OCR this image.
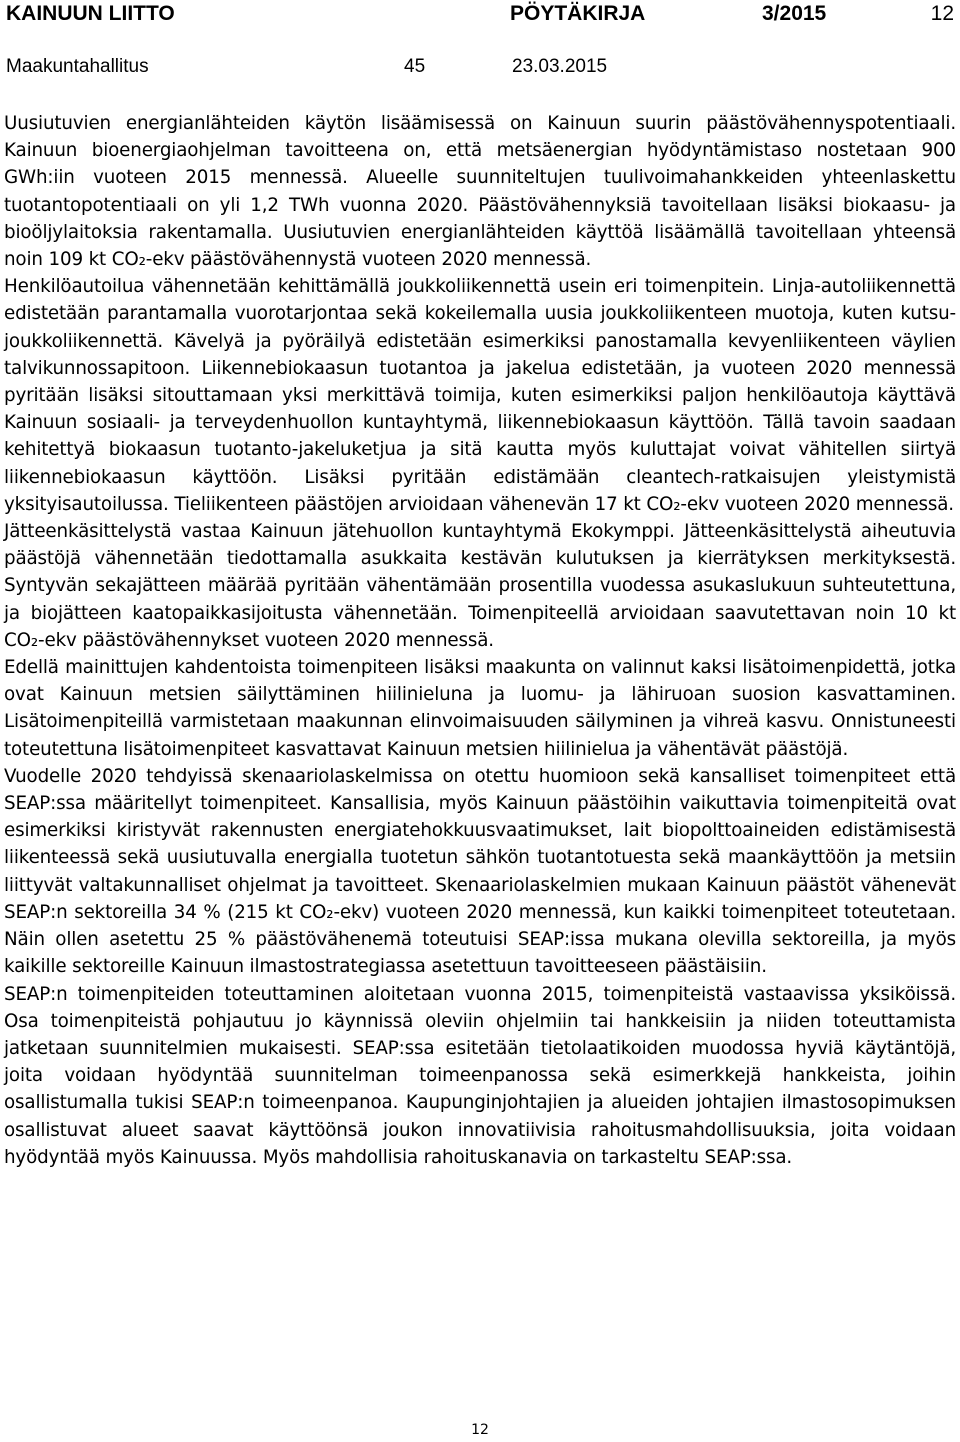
KAINUUN LIITTO	PÖYTÄKIRJA	3/2015	12
Maakuntahallitus	45	23.03.2015

Uusiutuvien energianlähteiden käytön lisäämisessä on Kainuun suurin päästövähennyspotentiaali. Kainuun bioenergiaohjelman tavoitteena on, että metsäenergian hyödyntämistaso nostetaan 900 GWh:iin vuoteen 2015 mennessä. Alueelle suunniteltujen tuulivoimahankkeiden yhteenlaskettu tuotantopotentiaali on yli 1,2 TWh vuonna 2020. Päästövähennyksiä tavoitellaan lisäksi biokaasu- ja bioöljylaitoksia rakentamalla. Uusiutuvien energianlähteiden käyttöä lisäämällä tavoitellaan yhteensä noin 109 kt CO₂-ekv päästövähennystä vuoteen 2020 mennessä.

Henkilöautoilua vähennetään kehittämällä joukkoliikennettä usein eri toimenpitein. Linja-autoliikennettä edistetään parantamalla vuorotarjontaa sekä kokeilemalla uusia joukkoliikenteen muotoja, kuten kutsu-joukkoliikennettä. Kävelyä ja pyöräilyä edistetään esimerkiksi panostamalla kevyenliikenteen väylien talvikunnossapitoon. Liikennebiokaasun tuotantoa ja jakelua edistetään, ja vuoteen 2020 mennessä pyritään lisäksi sitouttamaan yksi merkittävä toimija, kuten esimerkiksi paljon henkilöautoja käyttävä Kainuun sosiaali- ja terveydenhuollon kuntayhtymä, liikennebiokaasun käyttöön. Tällä tavoin saadaan kehitettyä biokaasun tuotanto-jakeluketjua ja sitä kautta myös kuluttajat voivat vähitellen siirtyä liikennebiokaasun käyttöön. Lisäksi pyritään edistämään cleantech-ratkaisujen yleistymistä yksityisautoilussa. Tieliikenteen päästöjen arvioidaan vähenevän 17 kt CO₂-ekv vuoteen 2020 mennessä.

Jätteenkäsittelystä vastaa Kainuun jätehuollon kuntayhtymä Ekokymppi. Jätteenkäsittelystä aiheutuvia päästöjä vähennetään tiedottamalla asukkaita kestävän kulutuksen ja kierrätyksen merkityksestä. Syntyvän sekajätteen määrää pyritään vähentämään prosentilla vuodessa asukaslukuun suhteutettuna, ja biojätteen kaatopaikkasijoitusta vähennetään. Toimenpiteellä arvioidaan saavutettavan noin 10 kt CO₂-ekv päästövähennykset vuoteen 2020 mennessä.

Edellä mainittujen kahdentoista toimenpiteen lisäksi maakunta on valinnut kaksi lisätoimenpidettä, jotka ovat Kainuun metsien säilyttäminen hiilinieluna ja luomu- ja lähiruoan suosion kasvattaminen. Lisätoimenpiteillä varmistetaan maakunnan elinvoimaisuuden säilyminen ja vihreä kasvu. Onnistuneesti toteutettuna lisätoimenpiteet kasvattavat Kainuun metsien hiilinielua ja vähentävät päästöjä.

Vuodelle 2020 tehdyissä skenaariolaskelmissa on otettu huomioon sekä kansalliset toimenpiteet että SEAP:ssa määritellyt toimenpiteet. Kansallisia, myös Kainuun päästöihin vaikuttavia toimenpiteitä ovat esimerkiksi kiristyvät rakennusten energiatehokkuusvaatimukset, lait biopolttoaineiden edistämisestä liikenteessä sekä uusiutuvalla energialla tuotetun sähkön tuotantotuesta sekä maankäyttöön ja metsiin liittyvät valtakunnalliset ohjelmat ja tavoitteet. Skenaariolaskelmien mukaan Kainuun päästöt vähenevät SEAP:n sektoreilla 34 % (215 kt CO₂-ekv) vuoteen 2020 mennessä, kun kaikki toimenpiteet toteutetaan. Näin ollen asetettu 25 % päästövähenemä toteutuisi SEAP:issa mukana olevilla sektoreilla, ja myös kaikille sektoreille Kainuun ilmastostrategiassa asetettuun tavoitteeseen päästäisiin.

SEAP:n toimenpiteiden toteuttaminen aloitetaan vuonna 2015, toimenpiteistä vastaavissa yksiköissä. Osa toimenpiteistä pohjautuu jo käynnissä oleviin ohjelmiin tai hankkeisiin ja niiden toteuttamista jatketaan suunnitelmien mukaisesti. SEAP:ssa esitetään tietolaatikoiden muodossa hyviä käytäntöjä, joita voidaan hyödyntää suunnitelman toimeenpanossa sekä esimerkkejä hankkeista, joihin osallistumalla tukisi SEAP:n toimeenpanoa. Kaupunginjohtajien ja alueiden johtajien ilmastosopimuksen osallistuvat alueet saavat käyttöönsä joukon innovatiivisia rahoitusmahdollisuuksia, joita voidaan hyödyntää myös Kainuussa. Myös mahdollisia rahoituskanavia on tarkasteltu SEAP:ssa.

12
